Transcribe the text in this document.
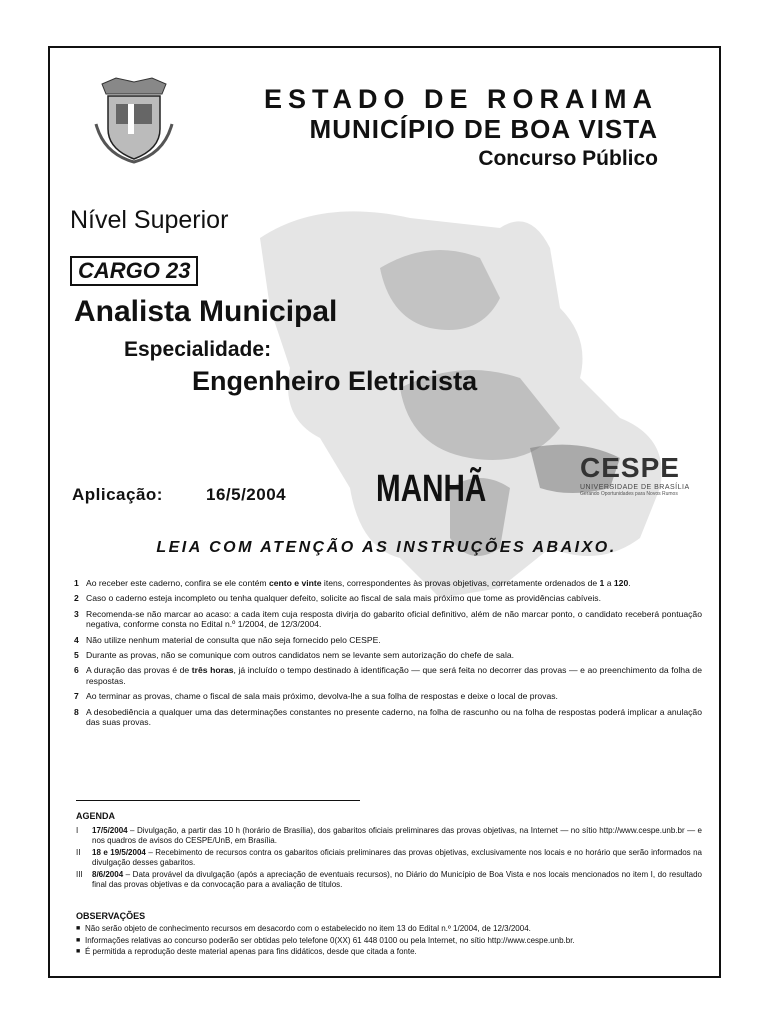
ESTADO DE RORAIMA
MUNICÍPIO DE BOA VISTA
Concurso Público
Nível Superior
CARGO 23
Analista Municipal
Especialidade:
Engenheiro Eletricista
Aplicação:	16/5/2004 MANHÃ
CESPE
UNIVERSIDADE DE BRASÍLIA
Gerando Oportunidades para Novos Rumos
LEIA COM ATENÇÃO AS INSTRUÇÕES ABAIXO.
1 Ao receber este caderno, confira se ele contém cento e vinte itens, correspondentes às provas objetivas, corretamente ordenados de 1 a 120.
2 Caso o caderno esteja incompleto ou tenha qualquer defeito, solicite ao fiscal de sala mais próximo que tome as providências cabíveis.
3 Recomenda-se não marcar ao acaso: a cada item cuja resposta divirja do gabarito oficial definitivo, além de não marcar ponto, o candidato receberá pontuação negativa, conforme consta no Edital n.º 1/2004, de 12/3/2004.
4 Não utilize nenhum material de consulta que não seja fornecido pelo CESPE.
5 Durante as provas, não se comunique com outros candidatos nem se levante sem autorização do chefe de sala.
6 A duração das provas é de três horas, já incluído o tempo destinado à identificação — que será feita no decorrer das provas — e ao preenchimento da folha de respostas.
7 Ao terminar as provas, chame o fiscal de sala mais próximo, devolva-lhe a sua folha de respostas e deixe o local de provas.
8 A desobediência a qualquer uma das determinações constantes no presente caderno, na folha de rascunho ou na folha de respostas poderá implicar a anulação das suas provas.
AGENDA
I	17/5/2004 – Divulgação, a partir das 10 h (horário de Brasília), dos gabaritos oficiais preliminares das provas objetivas, na Internet — no sítio http://www.cespe.unb.br — e nos quadros de avisos do CESPE/UnB, em Brasília.
II	18 e 19/5/2004 – Recebimento de recursos contra os gabaritos oficiais preliminares das provas objetivas, exclusivamente nos locais e no horário que serão informados na divulgação desses gabaritos.
III	8/6/2004 – Data provável da divulgação (após a apreciação de eventuais recursos), no Diário do Município de Boa Vista e nos locais mencionados no item I, do resultado final das provas objetivas e da convocação para a avaliação de títulos.
OBSERVAÇÕES
■ Não serão objeto de conhecimento recursos em desacordo com o estabelecido no item 13 do Edital n.º 1/2004, de 12/3/2004.
■ Informações relativas ao concurso poderão ser obtidas pelo telefone 0(XX) 61 448 0100 ou pela Internet, no sítio http://www.cespe.unb.br.
■ É permitida a reprodução deste material apenas para fins didáticos, desde que citada a fonte.
